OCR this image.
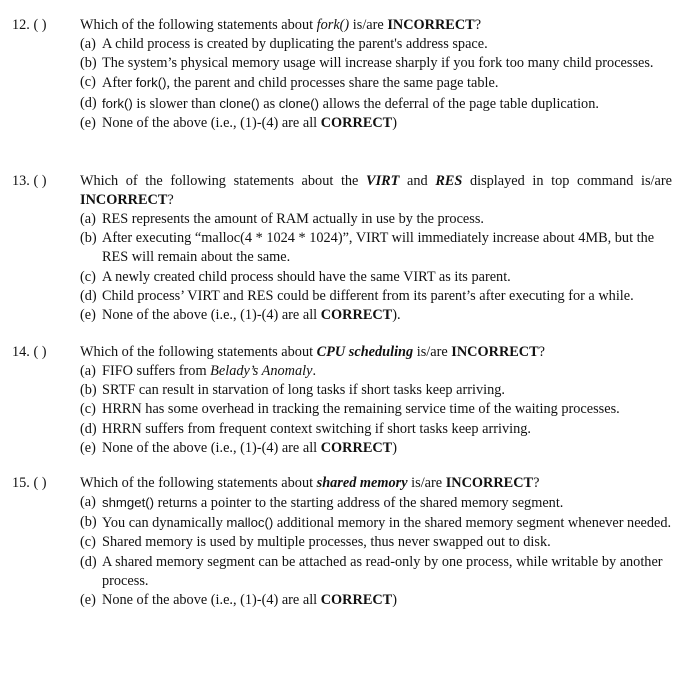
12. ( ) Which of the following statements about fork() is/are INCORRECT?
(a) A child process is created by duplicating the parent's address space.
(b) The system’s physical memory usage will increase sharply if you fork too many child processes.
(c) After fork(), the parent and child processes share the same page table.
(d) fork() is slower than clone() as clone() allows the deferral of the page table duplication.
(e) None of the above (i.e., (1)-(4) are all CORRECT)
13. ( ) Which of the following statements about the VIRT and RES displayed in top command is/are INCORRECT?
(a) RES represents the amount of RAM actually in use by the process.
(b) After executing “malloc(4 * 1024 * 1024)”, VIRT will immediately increase about 4MB, but the RES will remain about the same.
(c) A newly created child process should have the same VIRT as its parent.
(d) Child process’ VIRT and RES could be different from its parent’s after executing for a while.
(e) None of the above (i.e., (1)-(4) are all CORRECT).
14. ( ) Which of the following statements about CPU scheduling is/are INCORRECT?
(a) FIFO suffers from Belady’s Anomaly.
(b) SRTF can result in starvation of long tasks if short tasks keep arriving.
(c) HRRN has some overhead in tracking the remaining service time of the waiting processes.
(d) HRRN suffers from frequent context switching if short tasks keep arriving.
(e) None of the above (i.e., (1)-(4) are all CORRECT)
15. ( ) Which of the following statements about shared memory is/are INCORRECT?
(a) shmget() returns a pointer to the starting address of the shared memory segment.
(b) You can dynamically malloc() additional memory in the shared memory segment whenever needed.
(c) Shared memory is used by multiple processes, thus never swapped out to disk.
(d) A shared memory segment can be attached as read-only by one process, while writable by another process.
(e) None of the above (i.e., (1)-(4) are all CORRECT)
